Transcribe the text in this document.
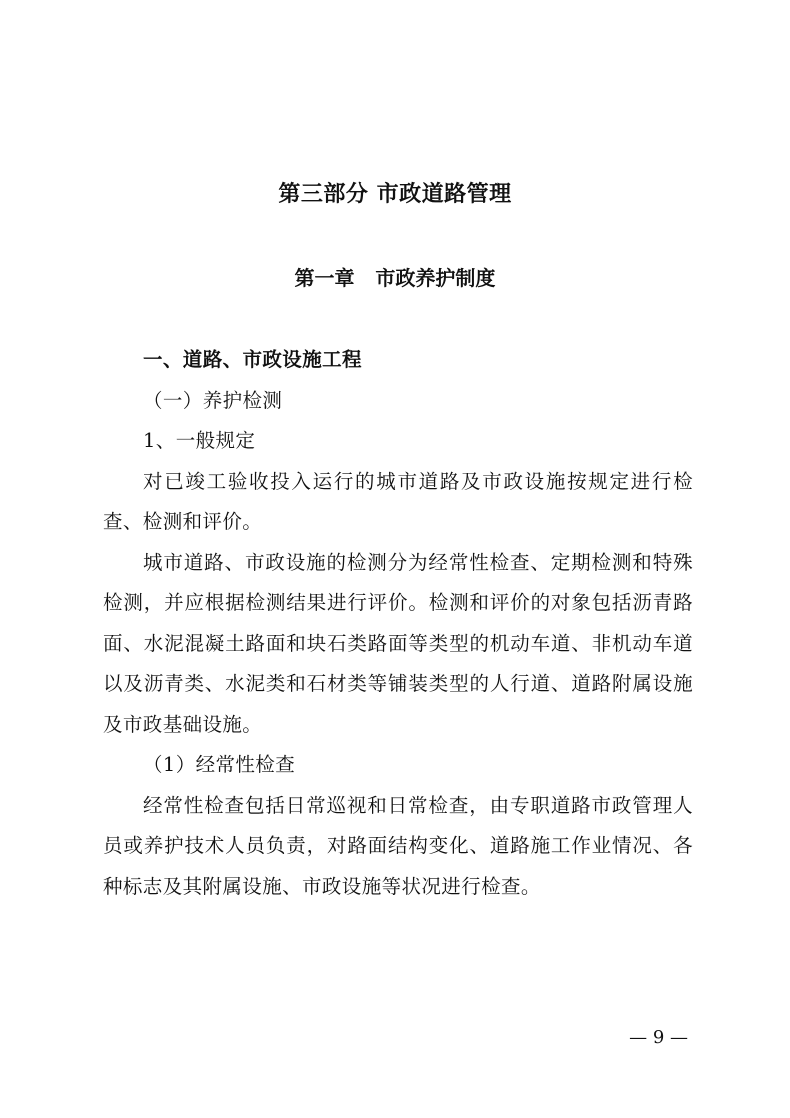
第三部分 市政道路管理
第一章   市政养护制度

一、道路、市政设施工程

（一）养护检测

1、一般规定

对已竣工验收投入运行的城市道路及市政设施按规定进行检查、检测和评价。

城市道路、市政设施的检测分为经常性检查、定期检测和特殊检测，并应根据检测结果进行评价。检测和评价的对象包括沥青路面、水泥混凝土路面和块石类路面等类型的机动车道、非机动车道以及沥青类、水泥类和石材类等铺装类型的人行道、道路附属设施及市政基础设施。

（1）经常性检查

经常性检查包括日常巡视和日常检查，由专职道路市政管理人员或养护技术人员负责，对路面结构变化、道路施工作业情况、各种标志及其附属设施、市政设施等状况进行检查。

— 9 —
